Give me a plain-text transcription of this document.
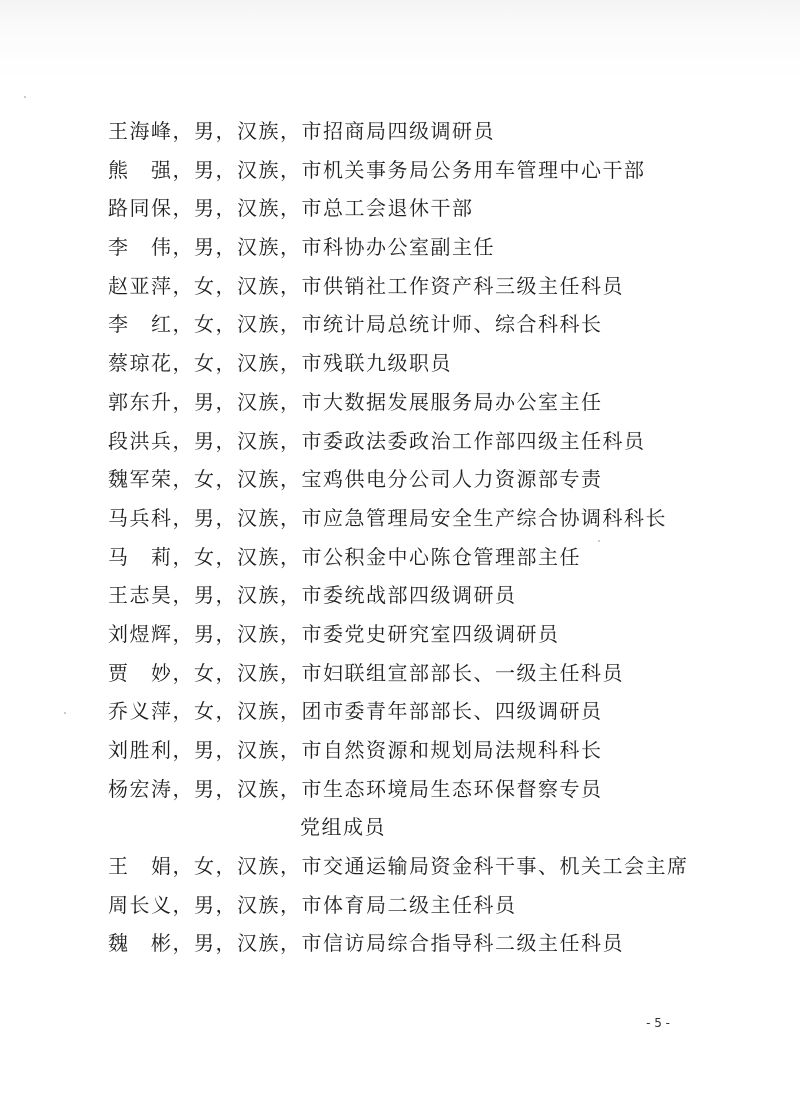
王海峰，男，汉族，市招商局四级调研员
熊　强，男，汉族，市机关事务局公务用车管理中心干部
路同保，男，汉族，市总工会退休干部
李　伟，男，汉族，市科协办公室副主任
赵亚萍，女，汉族，市供销社工作资产科三级主任科员
李　红，女，汉族，市统计局总统计师、综合科科长
蔡琼花，女，汉族，市残联九级职员
郭东升，男，汉族，市大数据发展服务局办公室主任
段洪兵，男，汉族，市委政法委政治工作部四级主任科员
魏军荣，女，汉族，宝鸡供电分公司人力资源部专责
马兵科，男，汉族，市应急管理局安全生产综合协调科科长
马　莉，女，汉族，市公积金中心陈仓管理部主任
王志昊，男，汉族，市委统战部四级调研员
刘煜辉，男，汉族，市委党史研究室四级调研员
贾　妙，女，汉族，市妇联组宣部部长、一级主任科员
乔义萍，女，汉族，团市委青年部部长、四级调研员
刘胜利，男，汉族，市自然资源和规划局法规科科长
杨宏涛，男，汉族，市生态环境局生态环保督察专员
党组成员
王　娟，女，汉族，市交通运输局资金科干事、机关工会主席
周长义，男，汉族，市体育局二级主任科员
魏　彬，男，汉族，市信访局综合指导科二级主任科员
- 5 -
